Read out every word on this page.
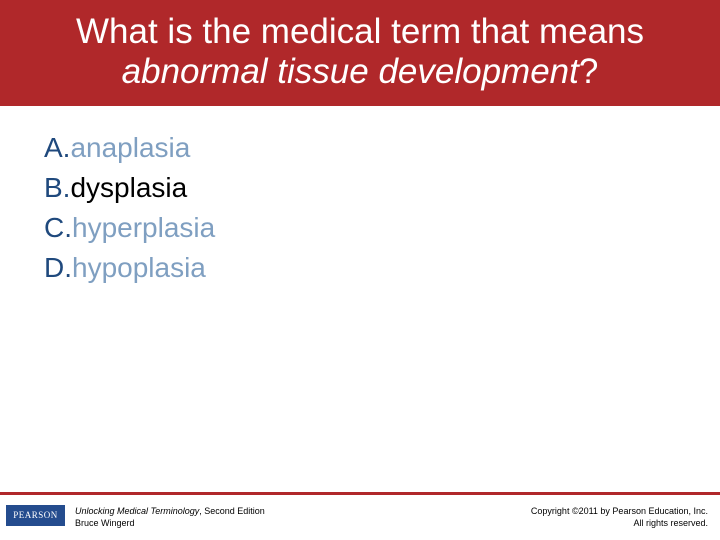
What is the medical term that means
abnormal tissue development?
A.anaplasia
B.dysplasia
C.hyperplasia
D.hypoplasia
PEARSON	Unlocking Medical Terminology, Second Edition
Bruce Wingerd
Copyright ©2011 by Pearson Education, Inc.
All rights reserved.
